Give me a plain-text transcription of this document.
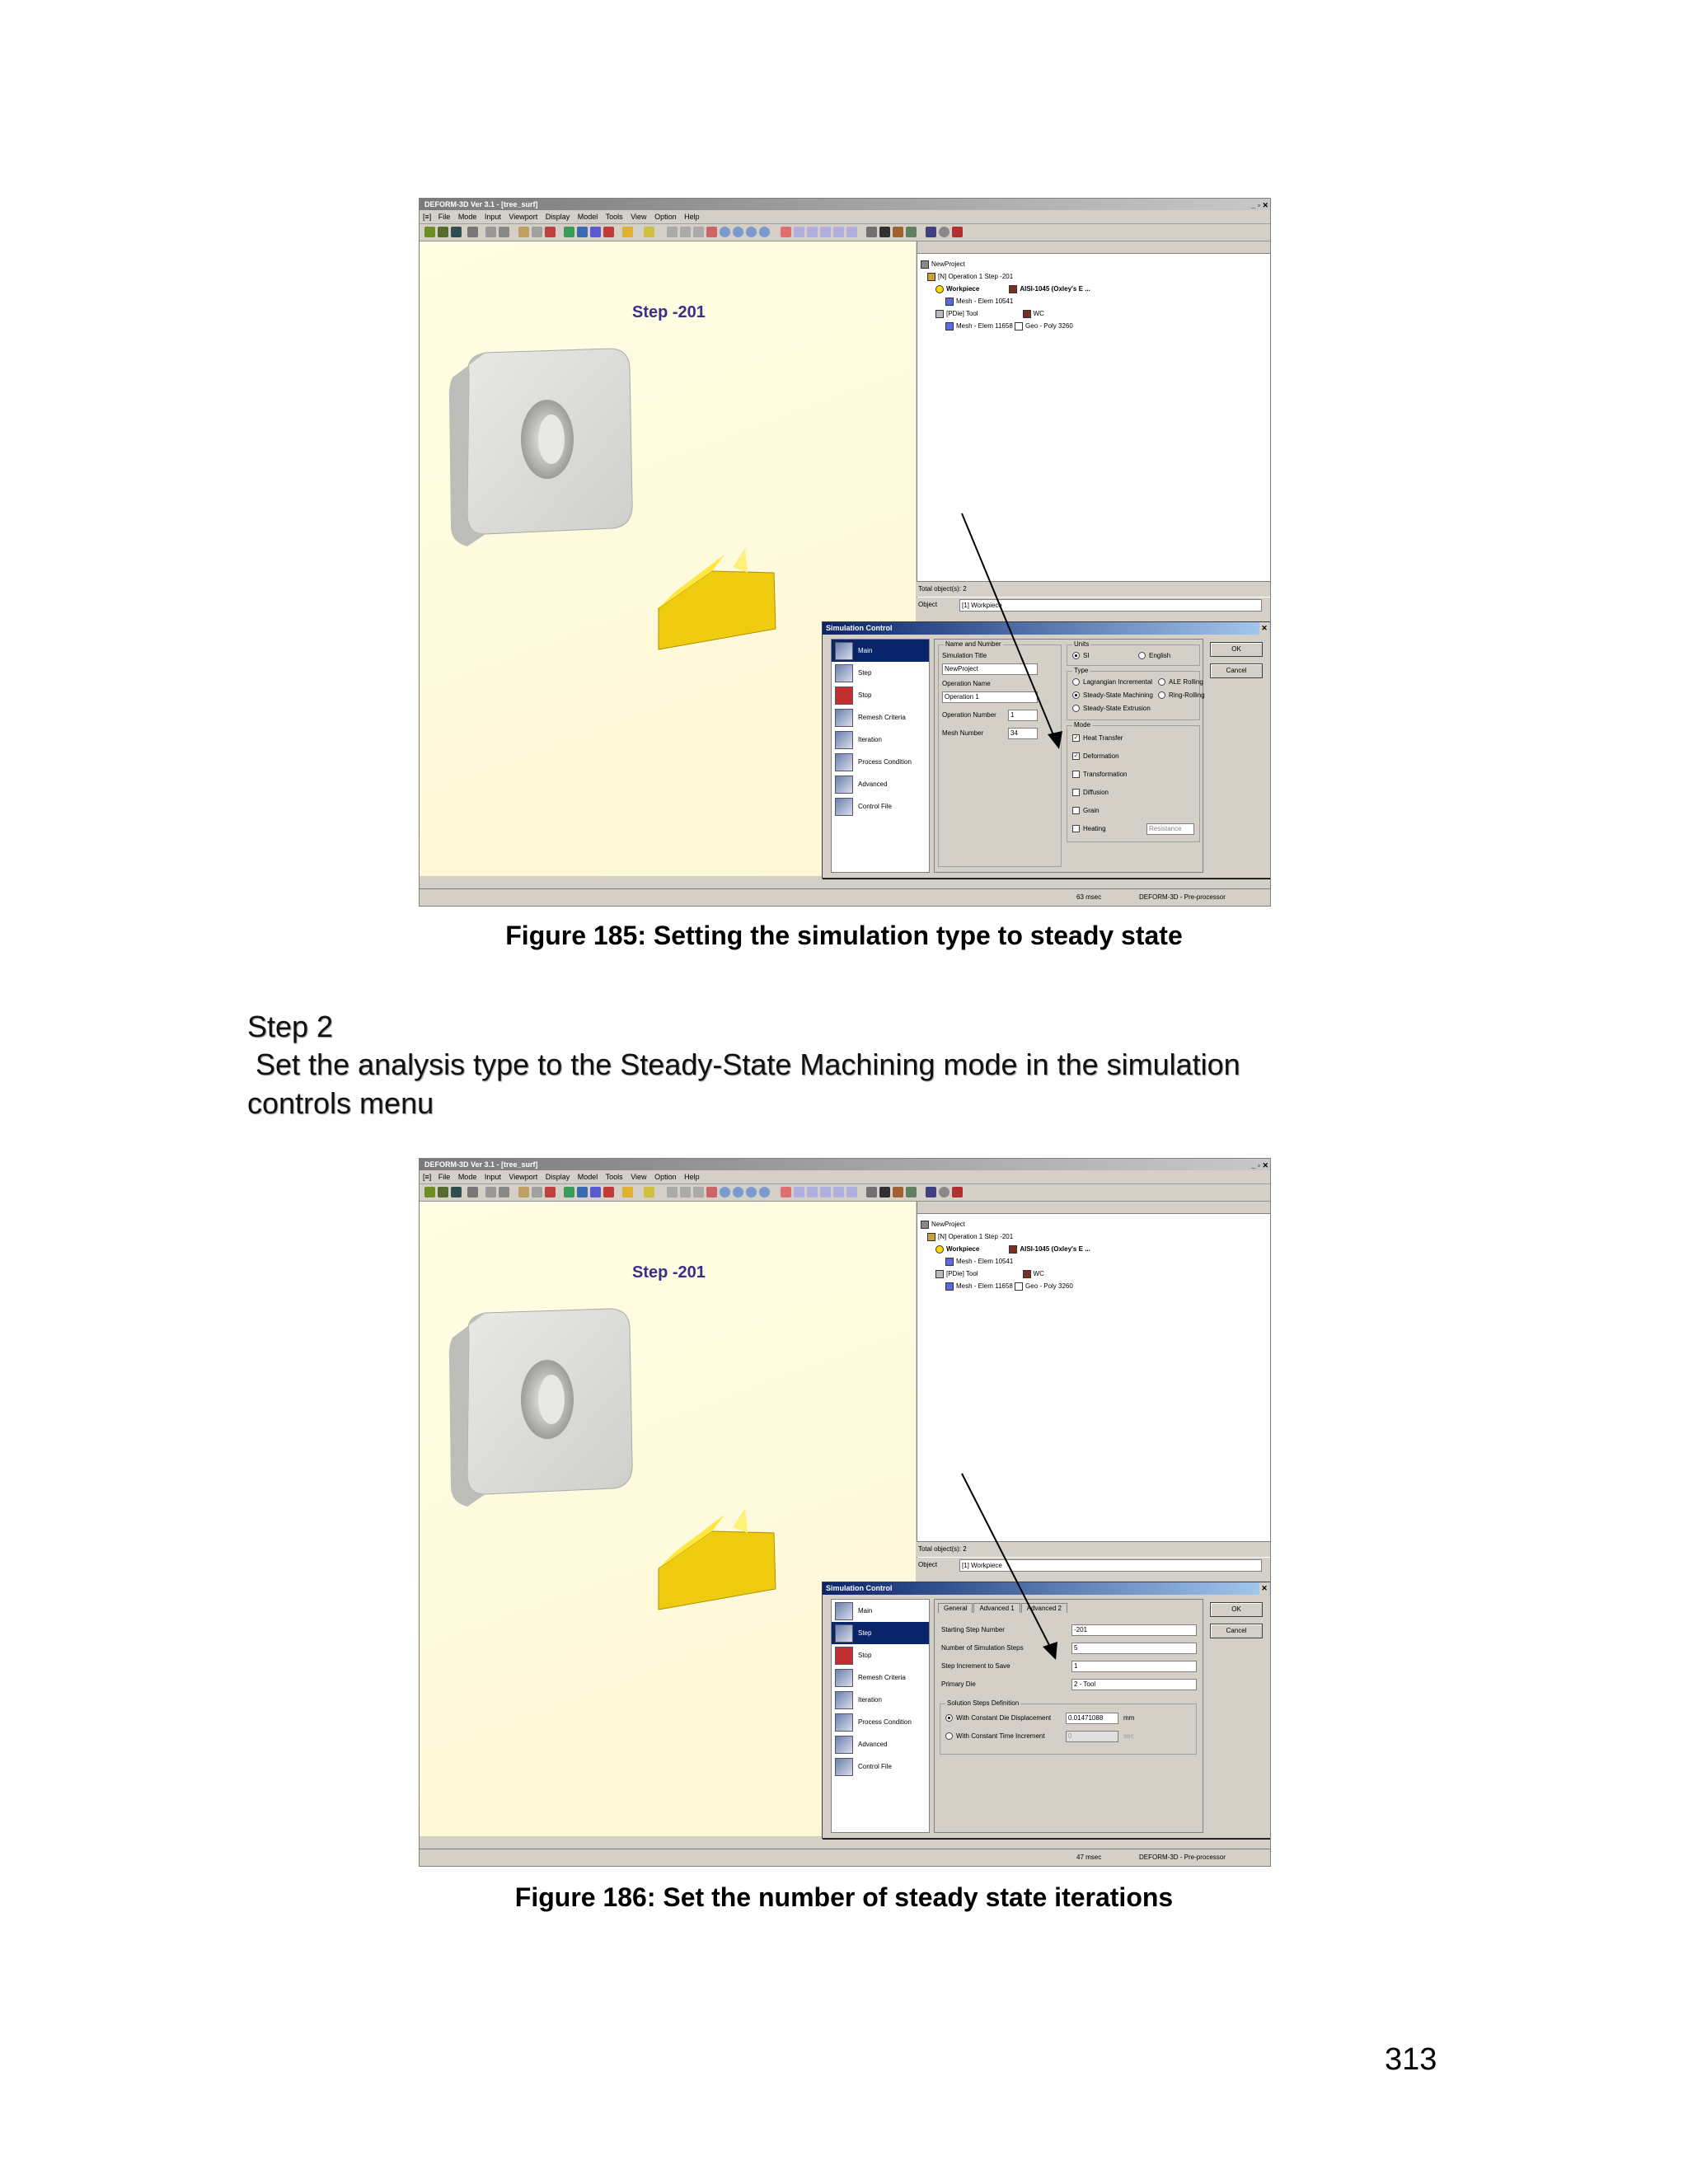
DEFORM-3D Ver 3.1 - [tree_surf]	_ ▫ ✕
[≡] File Mode Input Viewport Display Model Tools View Option Help
Step -201
NewProject
[N] Operation 1 Step -201
Workpiece	AISI-1045 (Oxley's E ...
Mesh - Elem 10541
[PDie] Tool	WC
Mesh - Elem 11658 Geo - Poly 3260
Total object(s): 2
Object	[1] Workpiece
Simulation Control	✕
Main
Step
Stop
Remesh Criteria
Iteration
Process Condition
Advanced
Control File
Name and Number
Simulation Title
NewProject
Operation Name
Operation 1
Operation Number	1
Mesh Number	34
Units
SI	English
Type
Lagrangian Incremental	ALE Rolling
Steady-State Machining	Ring-Rolling
Steady-State Extrusion
Mode
✓ Heat Transfer
✓ Deformation
Transformation
Diffusion
Grain
Heating	Resistance
OK
Cancel
63 msec	DEFORM-3D - Pre-processor
Figure 185: Setting the simulation type to steady state
Step 2
Set the analysis type to the Steady-State Machining mode in the simulation
controls menu
DEFORM-3D Ver 3.1 - [tree_surf]	_ ▫ ✕
[≡] File Mode Input Viewport Display Model Tools View Option Help
Step -201
NewProject
[N] Operation 1 Step -201
Workpiece	AISI-1045 (Oxley's E ...
Mesh - Elem 10541
[PDie] Tool	WC
Mesh - Elem 11658 Geo - Poly 3260
Total object(s): 2
Object	[1] Workpiece
Simulation Control	✕
Main
Step
Stop
Remesh Criteria
Iteration
Process Condition
Advanced
Control File
General Advanced 1 Advanced 2
Starting Step Number	-201
Number of Simulation Steps	5
Step Increment to Save	1
Primary Die	2 - Tool
Solution Steps Definition
With Constant Die Displacement	0.01471088	mm
With Constant Time Increment	0	sec
OK
Cancel
47 msec	DEFORM-3D - Pre-processor
Figure 186: Set the number of steady state iterations
313
